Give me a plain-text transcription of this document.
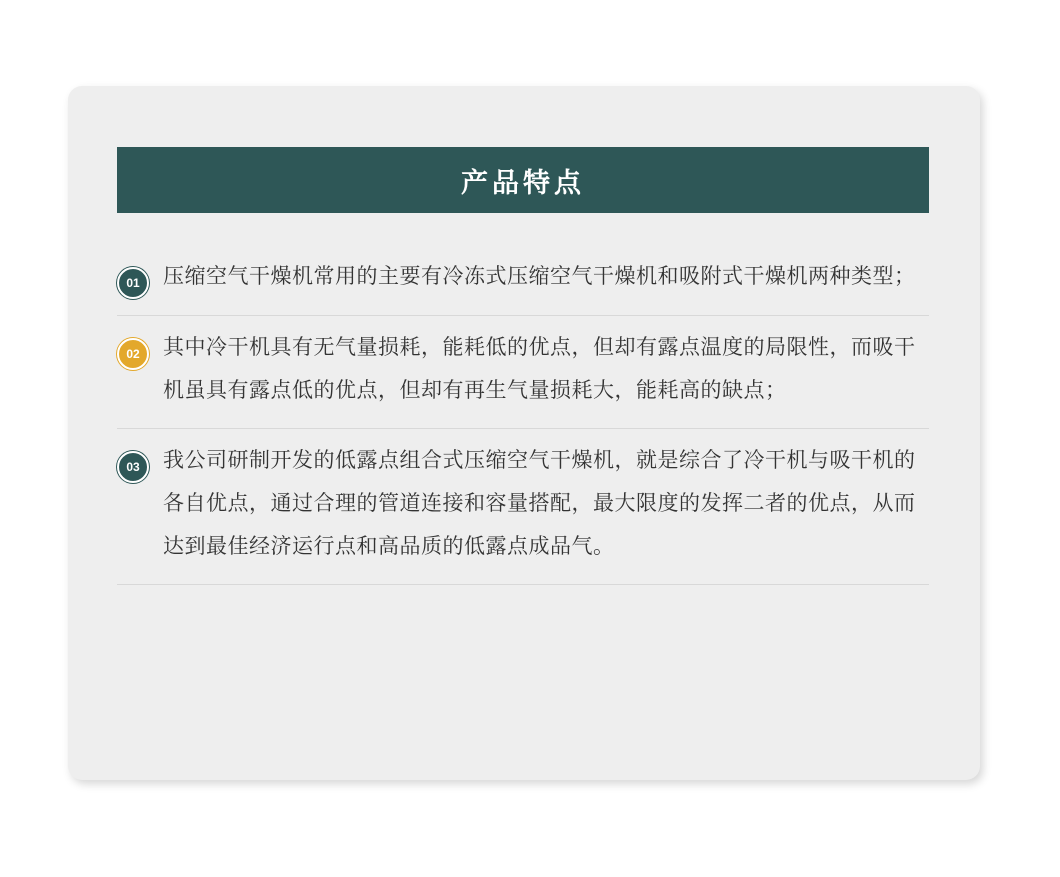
产品特点
01	压缩空气干燥机常用的主要有冷冻式压缩空气干燥机和吸附式干燥机两种类型；
02	其中冷干机具有无气量损耗，能耗低的优点，但却有露点温度的局限性，而吸干机虽具有露点低的优点，但却有再生气量损耗大，能耗高的缺点；
03	我公司研制开发的低露点组合式压缩空气干燥机，就是综合了冷干机与吸干机的各自优点，通过合理的管道连接和容量搭配，最大限度的发挥二者的优点，从而达到最佳经济运行点和高品质的低露点成品气。
